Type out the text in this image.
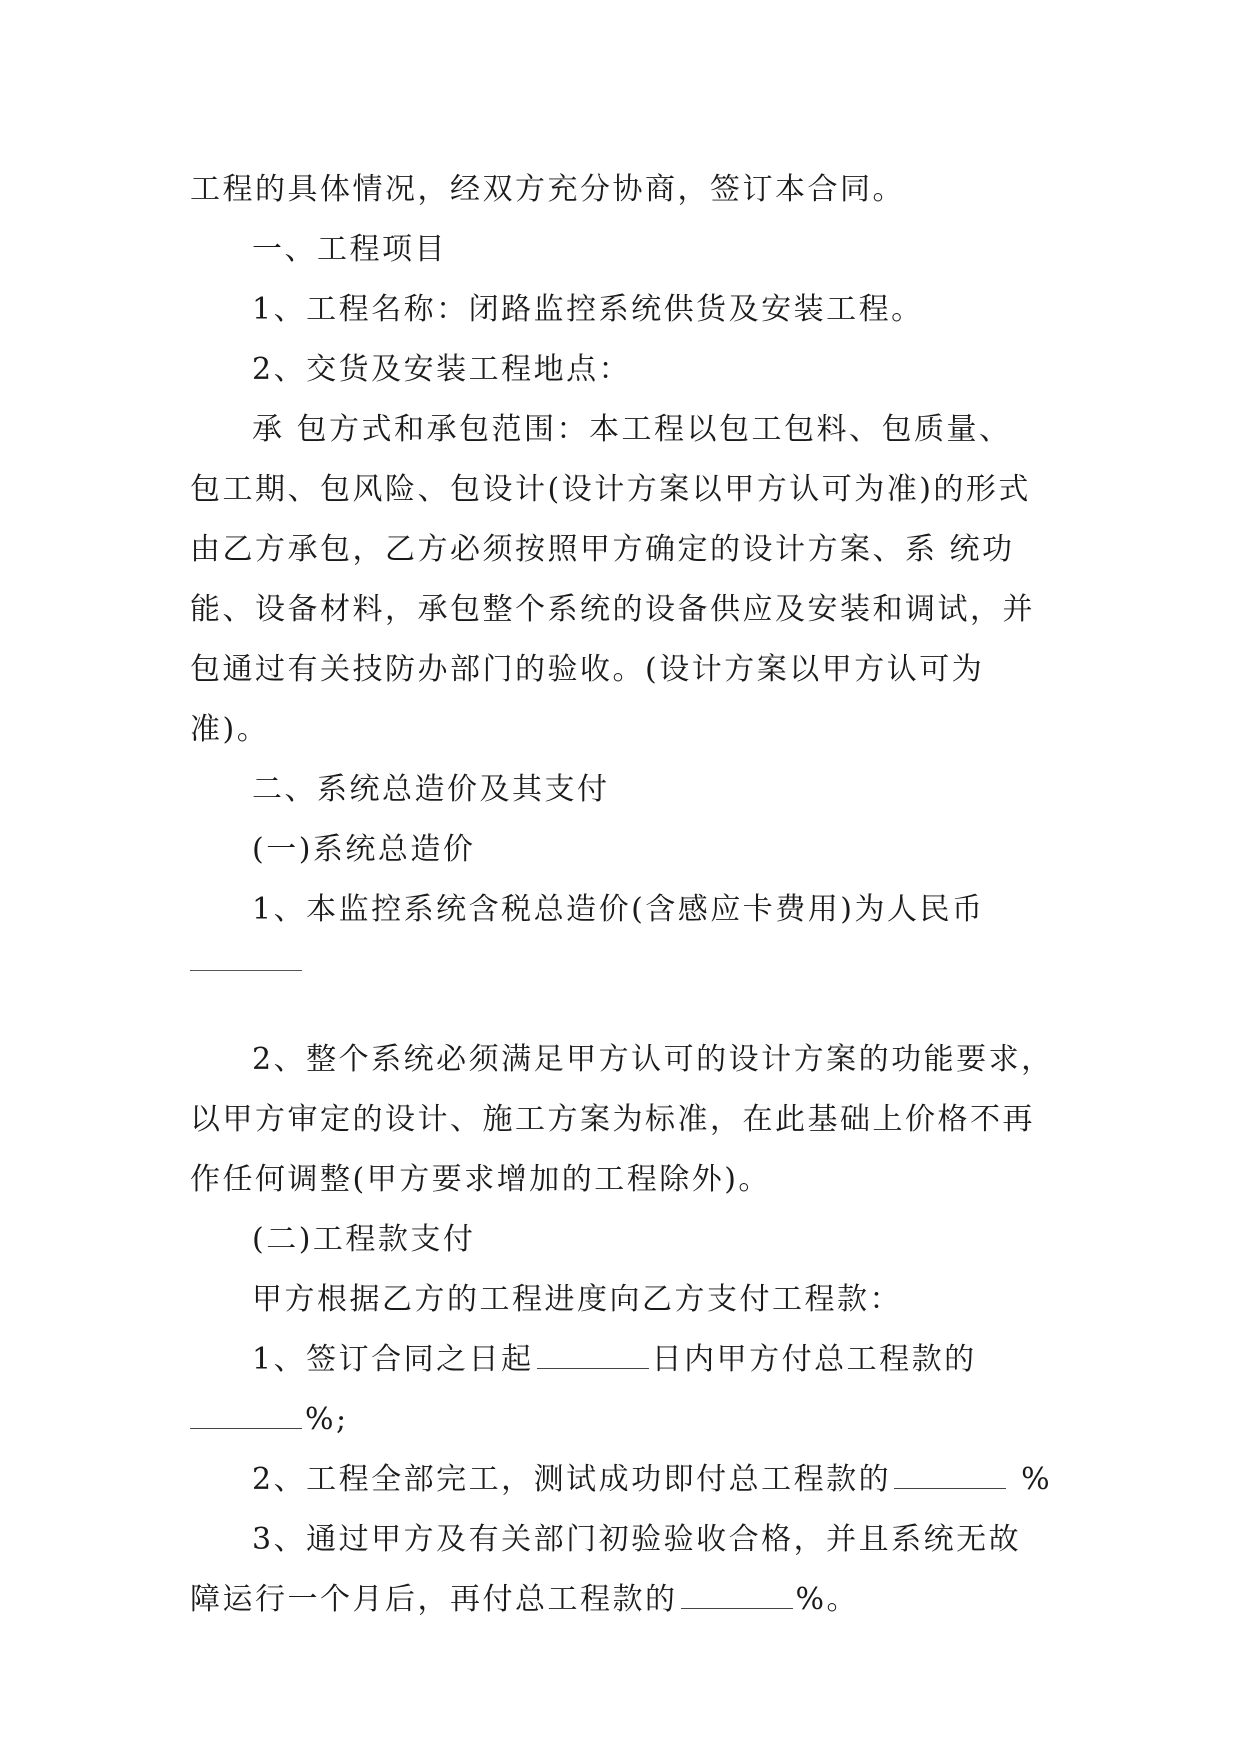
工程的具体情况，经双方充分协商，签订本合同。
一、工程项目
1、工程名称：闭路监控系统供货及安装工程。
2、交货及安装工程地点：
承 包方式和承包范围：本工程以包工包料、包质量、
包工期、包风险、包设计(设计方案以甲方认可为准)的形式
由乙方承包，乙方必须按照甲方确定的设计方案、系 统功
能、设备材料，承包整个系统的设备供应及安装和调试，并
包通过有关技防办部门的验收。(设计方案以甲方认可为
准)。
二、系统总造价及其支付
(一)系统总造价
1、本监控系统含税总造价(含感应卡费用)为人民币
2、整个系统必须满足甲方认可的设计方案的功能要求，
以甲方审定的设计、施工方案为标准，在此基础上价格不再
作任何调整(甲方要求增加的工程除外)。
(二)工程款支付
甲方根据乙方的工程进度向乙方支付工程款：
1、签订合同之日起	日内甲方付总工程款的
%;
2、工程全部完工，测试成功即付总工程款的	%
3、通过甲方及有关部门初验验收合格，并且系统无故
障运行一个月后，再付总工程款的	%。
